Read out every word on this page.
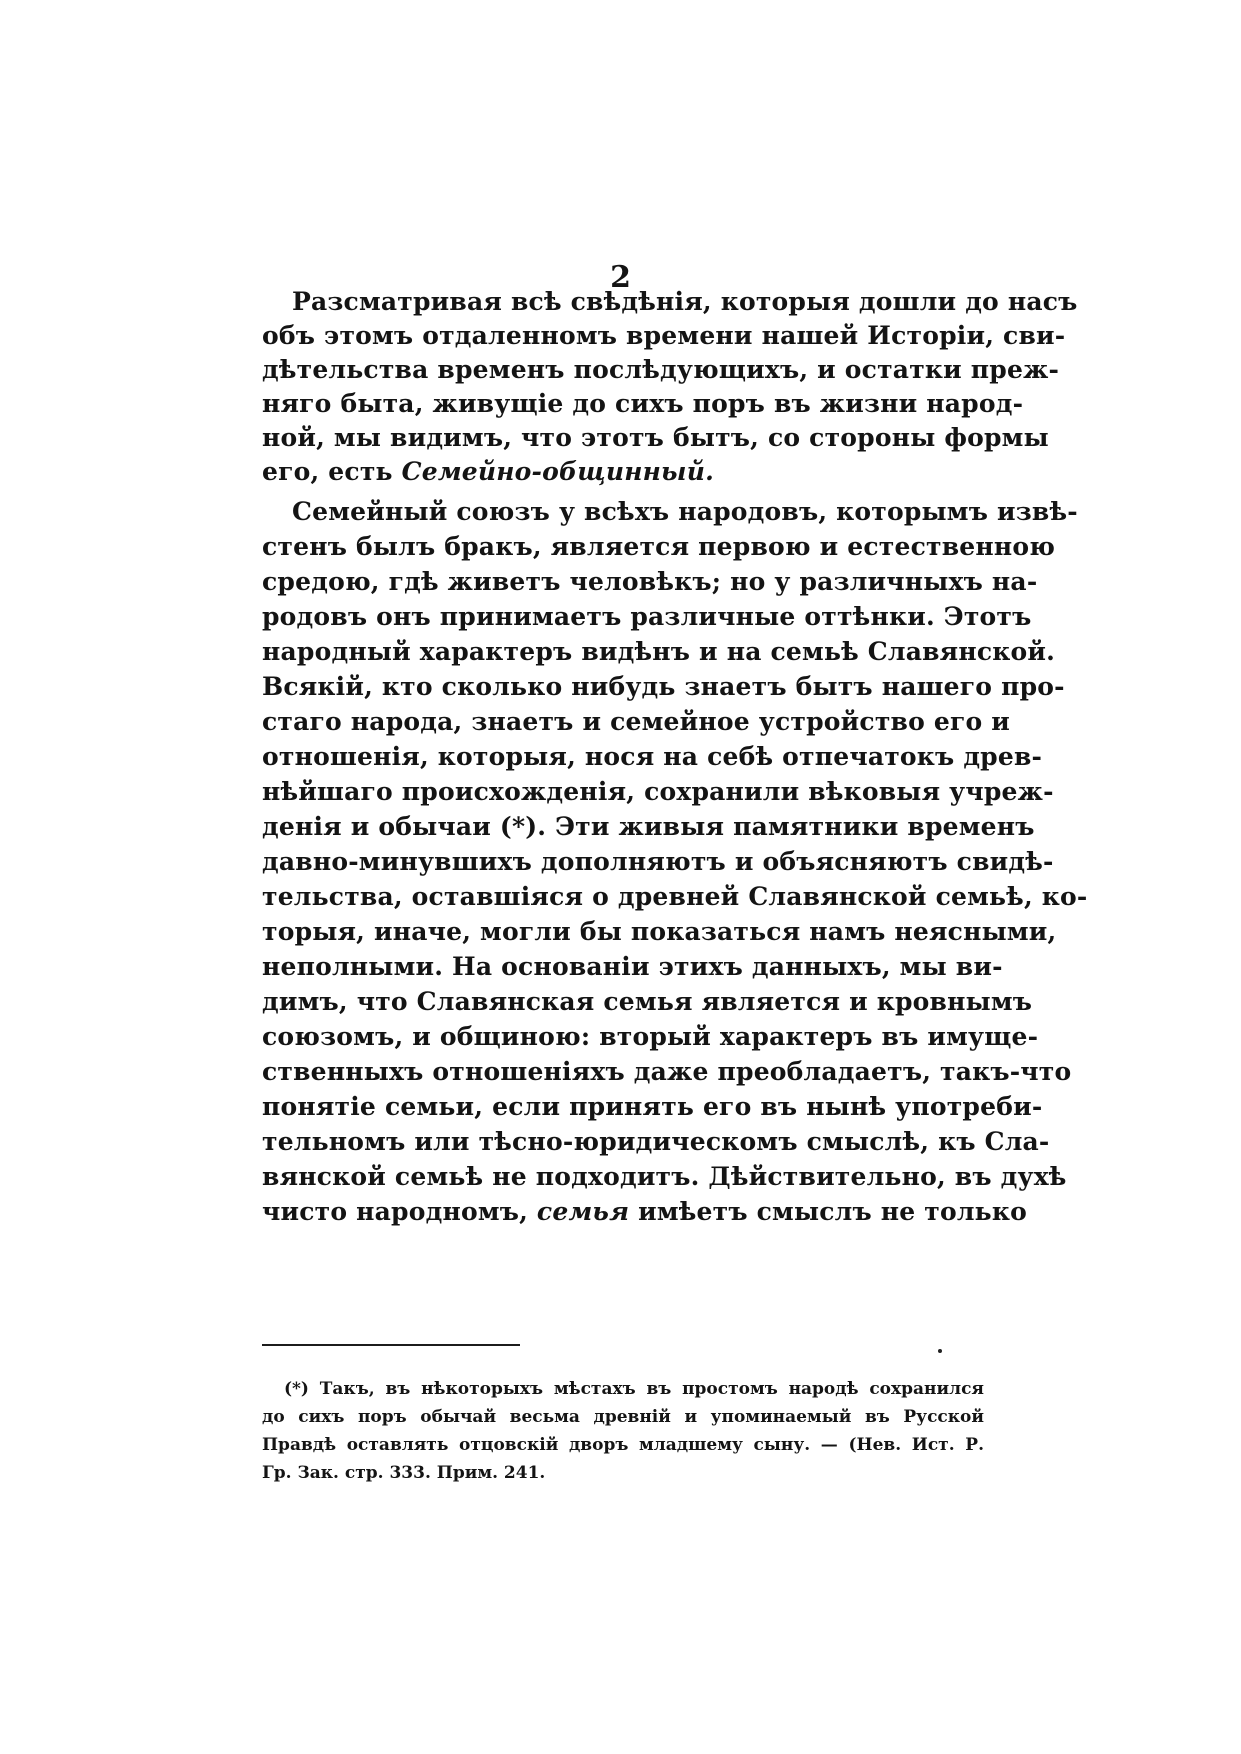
2
Разсматривая всѣ свѣдѣнія, которыя дошли до насъ
объ этомъ отдаленномъ времени нашей Исторіи, сви-
дѣтельства временъ послѣдующихъ, и остатки преж-
няго быта, живущіе до сихъ поръ въ жизни народ-
ной, мы видимъ, что этотъ бытъ, со стороны формы
его, есть Семейно-общинный.
Семейный союзъ у всѣхъ народовъ, которымъ извѣ-
стенъ былъ бракъ, является первою и естественною
средою, гдѣ живетъ человѣкъ; но у различныхъ на-
родовъ онъ принимаетъ различные оттѣнки. Этотъ
народный характеръ видѣнъ и на семьѣ Славянской.
Всякій, кто сколько нибудь знаетъ бытъ нашего про-
стаго народа, знаетъ и семейное устройство его и
отношенія, которыя, нося на себѣ отпечатокъ древ-
нѣйшаго происхожденія, сохранили вѣковыя учреж-
денія и обычаи (*). Эти живыя памятники временъ
давно-минувшихъ дополняютъ и объясняютъ свидѣ-
тельства, оставшіяся о древней Славянской семьѣ, ко-
торыя, иначе, могли бы показаться намъ неясными,
неполными. На основаніи этихъ данныхъ, мы ви-
димъ, что Славянская семья является и кровнымъ
союзомъ, и общиною: вторый характеръ въ имуще-
ственныхъ отношеніяхъ даже преобладаетъ, такъ-что
понятіе семьи, если принять его въ нынѣ употреби-
тельномъ или тѣсно-юридическомъ смыслѣ, къ Сла-
вянской семьѣ не подходитъ. Дѣйствительно, въ духѣ
чисто народномъ, семья имѣетъ смыслъ не только
(*) Такъ, въ нѣкоторыхъ мѣстахъ въ простомъ народѣ сохранился
до сихъ поръ обычай весьма древній и упоминаемый въ Русской
Правдѣ оставлять отцовскій дворъ младшему сыну. — (Нев. Ист. Р.
Гр. Зак. стр. 333. Прим. 241.
